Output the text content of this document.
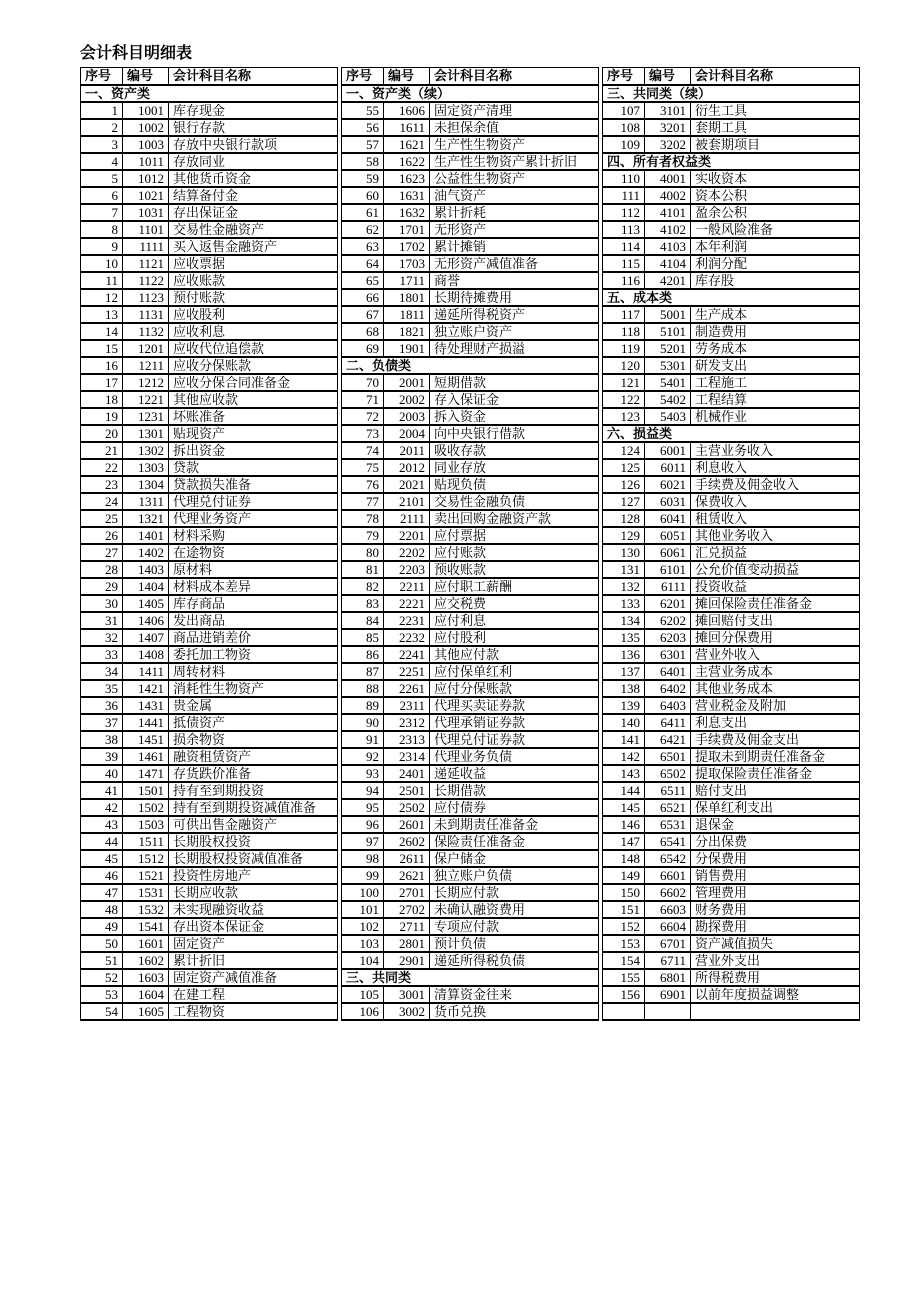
会计科目明细表
序号	编号	会计科目名称
一、资产类		
1	1001	库存现金
2	1002	银行存款
3	1003	存放中央银行款项
4	1011	存放同业
5	1012	其他货币资金
6	1021	结算备付金
7	1031	存出保证金
8	1101	交易性金融资产
9	1111	买入返售金融资产
10	1121	应收票据
11	1122	应收账款
12	1123	预付账款
13	1131	应收股利
14	1132	应收利息
15	1201	应收代位追偿款
16	1211	应收分保账款
17	1212	应收分保合同准备金
18	1221	其他应收款
19	1231	坏账准备
20	1301	贴现资产
21	1302	拆出资金
22	1303	贷款
23	1304	贷款损失准备
24	1311	代理兑付证券
25	1321	代理业务资产
26	1401	材料采购
27	1402	在途物资
28	1403	原材料
29	1404	材料成本差异
30	1405	库存商品
31	1406	发出商品
32	1407	商品进销差价
33	1408	委托加工物资
34	1411	周转材料
35	1421	消耗性生物资产
36	1431	贵金属
37	1441	抵债资产
38	1451	损余物资
39	1461	融资租赁资产
40	1471	存货跌价准备
41	1501	持有至到期投资
42	1502	持有至到期投资减值准备
43	1503	可供出售金融资产
44	1511	长期股权投资
45	1512	长期股权投资减值准备
46	1521	投资性房地产
47	1531	长期应收款
48	1532	未实现融资收益
49	1541	存出资本保证金
50	1601	固定资产
51	1602	累计折旧
52	1603	固定资产减值准备
53	1604	在建工程
54	1605	工程物资
序号	编号	会计科目名称
一、资产类（续）		
55	1606	固定资产清理
56	1611	未担保余值
57	1621	生产性生物资产
58	1622	生产性生物资产累计折旧
59	1623	公益性生物资产
60	1631	油气资产
61	1632	累计折耗
62	1701	无形资产
63	1702	累计摊销
64	1703	无形资产减值准备
65	1711	商誉
66	1801	长期待摊费用
67	1811	递延所得税资产
68	1821	独立账户资产
69	1901	待处理财产损溢
二、负债类		
70	2001	短期借款
71	2002	存入保证金
72	2003	拆入资金
73	2004	向中央银行借款
74	2011	吸收存款
75	2012	同业存放
76	2021	贴现负债
77	2101	交易性金融负债
78	2111	卖出回购金融资产款
79	2201	应付票据
80	2202	应付账款
81	2203	预收账款
82	2211	应付职工薪酬
83	2221	应交税费
84	2231	应付利息
85	2232	应付股利
86	2241	其他应付款
87	2251	应付保单红利
88	2261	应付分保账款
89	2311	代理买卖证券款
90	2312	代理承销证券款
91	2313	代理兑付证券款
92	2314	代理业务负债
93	2401	递延收益
94	2501	长期借款
95	2502	应付债券
96	2601	未到期责任准备金
97	2602	保险责任准备金
98	2611	保户储金
99	2621	独立账户负债
100	2701	长期应付款
101	2702	未确认融资费用
102	2711	专项应付款
103	2801	预计负债
104	2901	递延所得税负债
三、共同类		
105	3001	清算资金往来
106	3002	货币兑换
序号	编号	会计科目名称
三、共同类（续）		
107	3101	衍生工具
108	3201	套期工具
109	3202	被套期项目
四、所有者权益类		
110	4001	实收资本
111	4002	资本公积
112	4101	盈余公积
113	4102	一般风险准备
114	4103	本年利润
115	4104	利润分配
116	4201	库存股
五、成本类		
117	5001	生产成本
118	5101	制造费用
119	5201	劳务成本
120	5301	研发支出
121	5401	工程施工
122	5402	工程结算
123	5403	机械作业
六、损益类		
124	6001	主营业务收入
125	6011	利息收入
126	6021	手续费及佣金收入
127	6031	保费收入
128	6041	租赁收入
129	6051	其他业务收入
130	6061	汇兑损益
131	6101	公允价值变动损益
132	6111	投资收益
133	6201	摊回保险责任准备金
134	6202	摊回赔付支出
135	6203	摊回分保费用
136	6301	营业外收入
137	6401	主营业务成本
138	6402	其他业务成本
139	6403	营业税金及附加
140	6411	利息支出
141	6421	手续费及佣金支出
142	6501	提取未到期责任准备金
143	6502	提取保险责任准备金
144	6511	赔付支出
145	6521	保单红利支出
146	6531	退保金
147	6541	分出保费
148	6542	分保费用
149	6601	销售费用
150	6602	管理费用
151	6603	财务费用
152	6604	勘探费用
153	6701	资产减值损失
154	6711	营业外支出
155	6801	所得税费用
156	6901	以前年度损益调整
